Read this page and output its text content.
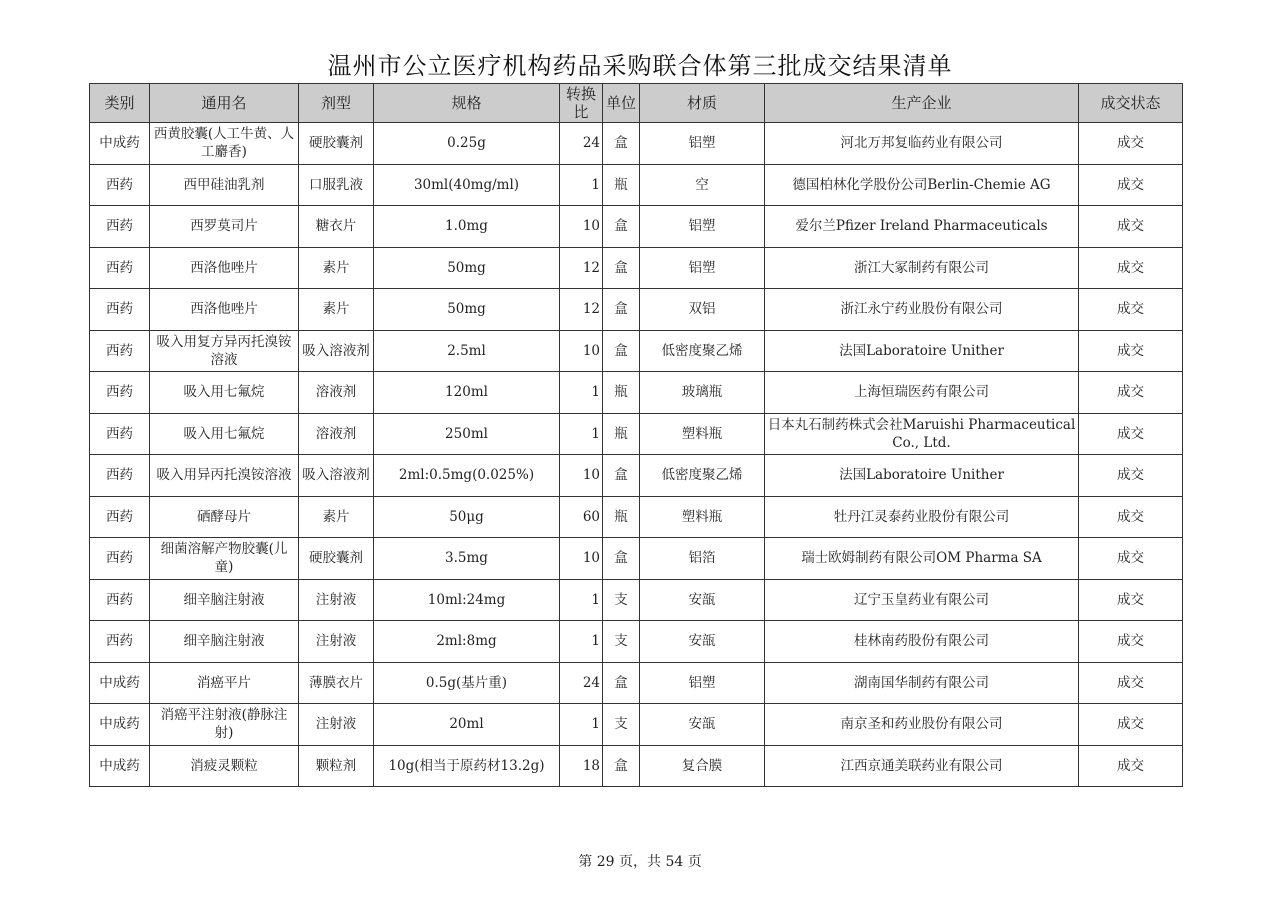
温州市公立医疗机构药品采购联合体第三批成交结果清单
类别	通用名	剂型	规格	转换比	单位	材质	生产企业	成交状态
中成药	西黄胶囊(人工牛黄、人工麝香)	硬胶囊剂	0.25g	24	盒	铝塑	河北万邦复临药业有限公司	成交
西药	西甲硅油乳剂	口服乳液	30ml(40mg/ml)	1	瓶	空	德国柏林化学股份公司Berlin-Chemie AG	成交
西药	西罗莫司片	糖衣片	1.0mg	10	盒	铝塑	爱尔兰Pfizer Ireland Pharmaceuticals	成交
西药	西洛他唑片	素片	50mg	12	盒	铝塑	浙江大冢制药有限公司	成交
西药	西洛他唑片	素片	50mg	12	盒	双铝	浙江永宁药业股份有限公司	成交
西药	吸入用复方异丙托溴铵溶液	吸入溶液剂	2.5ml	10	盒	低密度聚乙烯	法国Laboratoire Unither	成交
西药	吸入用七氟烷	溶液剂	120ml	1	瓶	玻璃瓶	上海恒瑞医药有限公司	成交
西药	吸入用七氟烷	溶液剂	250ml	1	瓶	塑料瓶	日本丸石制药株式会社Maruishi Pharmaceutical Co., Ltd.	成交
西药	吸入用异丙托溴铵溶液	吸入溶液剂	2ml:0.5mg(0.025%)	10	盒	低密度聚乙烯	法国Laboratoire Unither	成交
西药	硒酵母片	素片	50μg	60	瓶	塑料瓶	牡丹江灵泰药业股份有限公司	成交
西药	细菌溶解产物胶囊(儿童)	硬胶囊剂	3.5mg	10	盒	铝箔	瑞士欧姆制药有限公司OM Pharma SA	成交
西药	细辛脑注射液	注射液	10ml:24mg	1	支	安瓿	辽宁玉皇药业有限公司	成交
西药	细辛脑注射液	注射液	2ml:8mg	1	支	安瓿	桂林南药股份有限公司	成交
中成药	消癌平片	薄膜衣片	0.5g(基片重)	24	盒	铝塑	湖南国华制药有限公司	成交
中成药	消癌平注射液(静脉注射)	注射液	20ml	1	支	安瓿	南京圣和药业股份有限公司	成交
中成药	消疲灵颗粒	颗粒剂	10g(相当于原药材13.2g)	18	盒	复合膜	江西京通美联药业有限公司	成交
第 29 页，共 54 页
